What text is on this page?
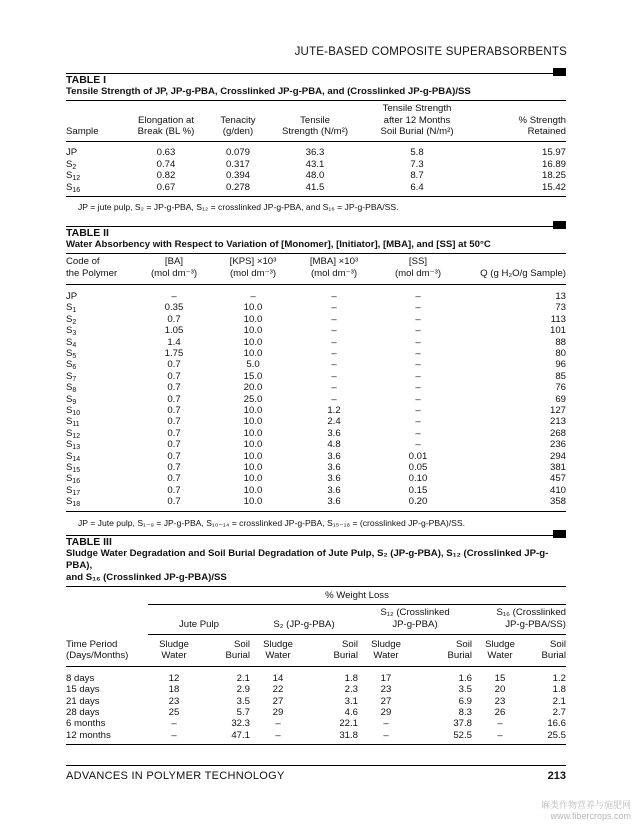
JUTE-BASED COMPOSITE SUPERABSORBENTS
TABLE I
Tensile Strength of JP, JP-g-PBA, Crosslinked JP-g-PBA, and (Crosslinked JP-g-PBA)/SS
				Tensile Strength	
	Elongation at	Tenacity	Tensile	after 12 Months	% Strength
Sample	Break (BL %)	(g/den)	Strength (N/m²)	Soil Burial (N/m²)	Retained
JP	0.63	0.079	36.3	5.8	15.97
$S_2$	0.74	0.317	43.1	7.3	16.89
$S_{12}$	0.82	0.394	48.0	8.7	18.25
$S_{16}$	0.67	0.278	41.5	6.4	15.42
JP = jute pulp, S₂ = JP-g-PBA, S₁₂ = crosslinked JP-g-PBA, and S₁₆ = JP-g-PBA/SS.
TABLE II
Water Absorbency with Respect to Variation of [Monomer], [Initiator], [MBA], and [SS] at 50°C
Code of	[BA]	[KPS] ×10³	[MBA] ×10³	[SS]	
the Polymer	(mol dm⁻³)	(mol dm⁻³)	(mol dm⁻³)	(mol dm⁻³)	Q (g H₂O/g Sample)
JP	–	–	–	–	13
$S_1$	0.35	10.0	–	–	73
$S_2$	0.7	10.0	–	–	113
$S_3$	1.05	10.0	–	–	101
$S_4$	1.4	10.0	–	–	88
$S_5$	1.75	10.0	–	–	80
$S_6$	0.7	5.0	–	–	96
$S_7$	0.7	15.0	–	–	85
$S_8$	0.7	20.0	–	–	76
$S_9$	0.7	25.0	–	–	69
$S_{10}$	0.7	10.0	1.2	–	127
$S_{11}$	0.7	10.0	2.4	–	213
$S_{12}$	0.7	10.0	3.6	–	268
$S_{13}$	0.7	10.0	4.8	–	236
$S_{14}$	0.7	10.0	3.6	0.01	294
$S_{15}$	0.7	10.0	3.6	0.05	381
$S_{16}$	0.7	10.0	3.6	0.10	457
$S_{17}$	0.7	10.0	3.6	0.15	410
$S_{18}$	0.7	10.0	3.6	0.20	358
JP = Jute pulp, S₁₋₉ = JP-g-PBA, S₁₀₋₁₄ = crosslinked JP-g-PBA, S₁₅₋₁₈ = (crosslinked JP-g-PBA)/SS.
TABLE III
Sludge Water Degradation and Soil Burial Degradation of Jute Pulp, S₂ (JP-g-PBA), S₁₂ (Crosslinked JP-g-PBA),
and S₁₆ (Crosslinked JP-g-PBA)/SS
	% Weight Loss							
					S₁₂ (Crosslinked		S₁₆ (Crosslinked	
	Jute Pulp		S₂ (JP-g-PBA)		JP-g-PBA)		JP-g-PBA/SS)	
Time Period	Sludge	Soil	Sludge	Soil	Sludge	Soil	Sludge	Soil
(Days/Months)	Water	Burial	Water	Burial	Water	Burial	Water	Burial
8 days	12	2.1	14	1.8	17	1.6	15	1.2
15 days	18	2.9	22	2.3	23	3.5	20	1.8
21 days	23	3.5	27	3.1	27	6.9	23	2.1
28 days	25	5.7	29	4.6	29	8.3	26	2.7
6 months	–	32.3	–	22.1	–	37.8	–	16.6
12 months	–	47.1	–	31.8	–	52.5	–	25.5
ADVANCES IN POLYMER TECHNOLOGY	213
麻类作物营养与施肥网
www.fibercrops.com
